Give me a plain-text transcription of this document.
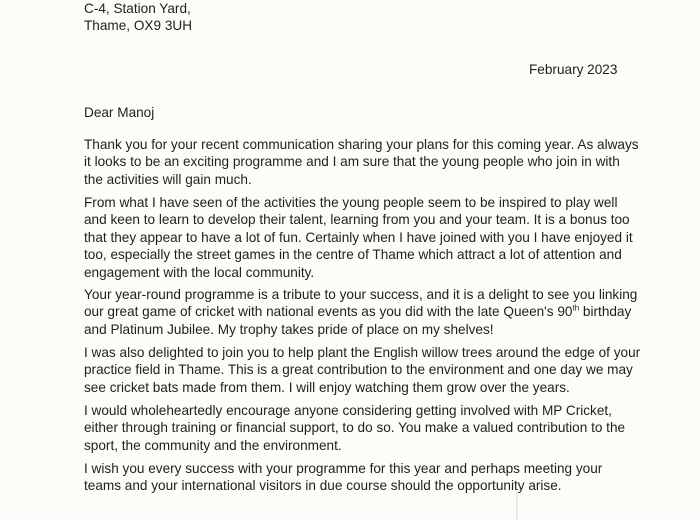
C-4, Station Yard,
Thame, OX9 3UH
February 2023
Dear Manoj
Thank you for your recent communication sharing your plans for this coming year. As always
it looks to be an exciting programme and I am sure that the young people who join in with
the activities will gain much.
From what I have seen of the activities the young people seem to be inspired to play well
and keen to learn to develop their talent, learning from you and your team. It is a bonus too
that they appear to have a lot of fun. Certainly when I have joined with you I have enjoyed it
too, especially the street games in the centre of Thame which attract a lot of attention and
engagement with the local community.
Your year-round programme is a tribute to your success, and it is a delight to see you linking
our great game of cricket with national events as you did with the late Queen's 90th birthday
and Platinum Jubilee. My trophy takes pride of place on my shelves!
I was also delighted to join you to help plant the English willow trees around the edge of your
practice field in Thame. This is a great contribution to the environment and one day we may
see cricket bats made from them. I will enjoy watching them grow over the years.
I would wholeheartedly encourage anyone considering getting involved with MP Cricket,
either through training or financial support, to do so. You make a valued contribution to the
sport, the community and the environment.
I wish you every success with your programme for this year and perhaps meeting your
teams and your international visitors in due course should the opportunity arise.
